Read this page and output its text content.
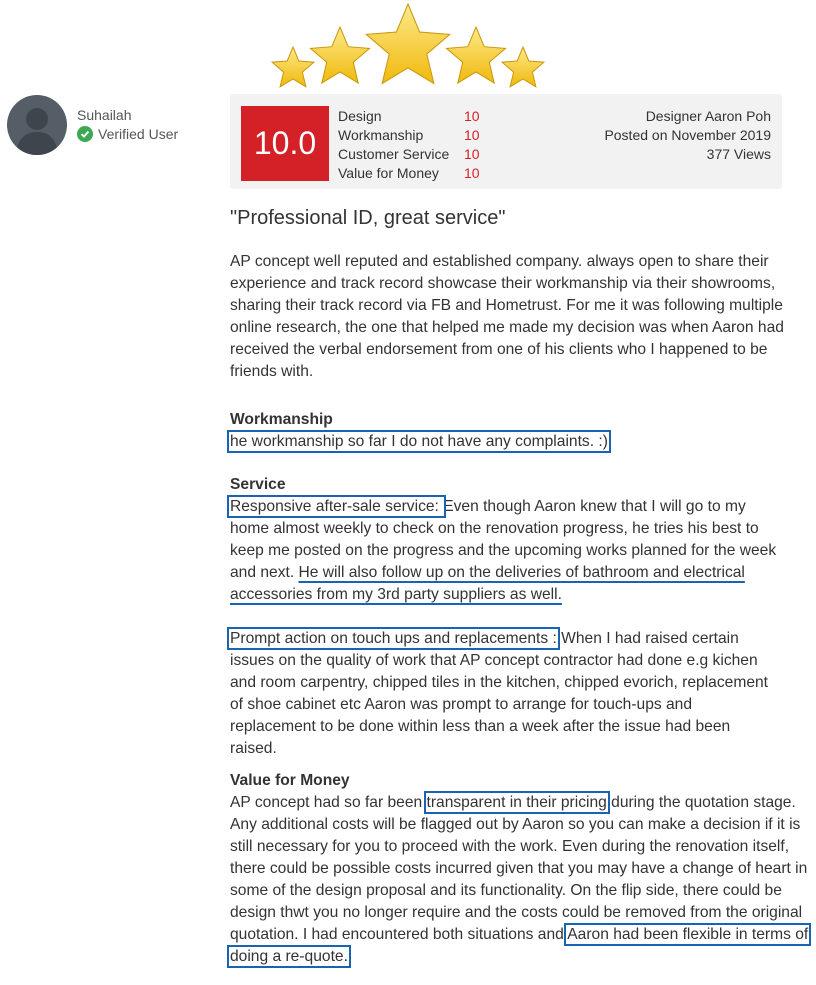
Suhailah
Verified User	10.0
Design	10
Workmanship	10
Customer Service	10
Value for Money	10
Designer Aaron Poh
Posted on November 2019
377 Views
"Professional ID, great service"

AP concept well reputed and established company. always open to share their experience and track record showcase their workmanship via their showrooms, sharing their track record via FB and Hometrust. For me it was following multiple online research, the one that helped me made my decision was when Aaron had received the verbal endorsement from one of his clients who I happened to be friends with.

Workmanship

he workmanship so far I do not have any complaints. :)

Service

Responsive after-sale service: Even though Aaron knew that I will go to my home almost weekly to check on the renovation progress, he tries his best to keep me posted on the progress and the upcoming works planned for the week and next. He will also follow up on the deliveries of bathroom and electrical accessories from my 3rd party suppliers as well.

Prompt action on touch ups and replacements : When I had raised certain issues on the quality of work that AP concept contractor had done e.g kichen and room carpentry, chipped tiles in the kitchen, chipped evorich, replacement of shoe cabinet etc Aaron was prompt to arrange for touch-ups and replacement to be done within less than a week after the issue had been raised.

Value for Money

AP concept had so far been transparent in their pricing during the quotation stage. Any additional costs will be flagged out by Aaron so you can make a decision if it is still necessary for you to proceed with the work. Even during the renovation itself, there could be possible costs incurred given that you may have a change of heart in some of the design proposal and its functionality. On the flip side, there could be design thwt you no longer require and the costs could be removed from the original quotation. I had encountered both situations and Aaron had been flexible in terms of doing a re-quote.
